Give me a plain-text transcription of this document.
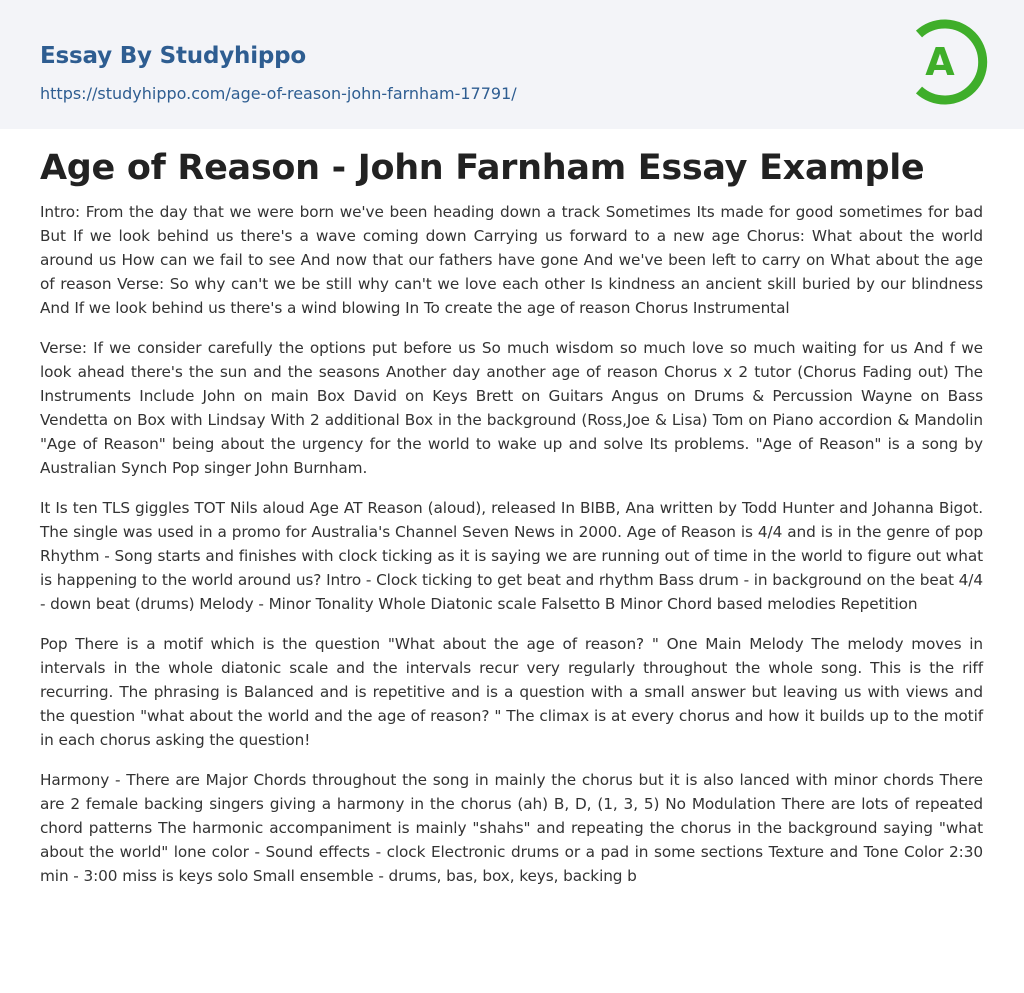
Essay By Studyhippo
https://studyhippo.com/age-of-reason-john-farnham-17791/
A
Age of Reason - John Farnham Essay Example

Intro: From the day that we were born we've been heading down a track Sometimes Its made for good sometimes for bad But If we look behind us there's a wave coming down Carrying us forward to a new age Chorus: What about the world around us How can we fail to see And now that our fathers have gone And we've been left to carry on What about the age of reason Verse: So why can't we be still why can't we love each other Is kindness an ancient skill buried by our blindness And If we look behind us there's a wind blowing In To create the age of reason Chorus Instrumental

Verse: If we consider carefully the options put before us So much wisdom so much love so much waiting for us And f we look ahead there's the sun and the seasons Another day another age of reason Chorus x 2 tutor (Chorus Fading out) The Instruments Include John on main Box David on Keys Brett on Guitars Angus on Drums & Percussion Wayne on Bass Vendetta on Box with Lindsay With 2 additional Box in the background (Ross,Joe & Lisa) Tom on Piano accordion & Mandolin "Age of Reason" being about the urgency for the world to wake up and solve Its problems. "Age of Reason" is a song by Australian Synch Pop singer John Burnham.

It Is ten TLS giggles TOT Nils aloud Age AT Reason (aloud), released In BIBB, Ana written by Todd Hunter and Johanna Bigot. The single was used in a promo for Australia's Channel Seven News in 2000. Age of Reason is 4/4 and is in the genre of pop Rhythm - Song starts and finishes with clock ticking as it is saying we are running out of time in the world to figure out what is happening to the world around us? Intro - Clock ticking to get beat and rhythm Bass drum - in background on the beat 4/4 - down beat (drums) Melody - Minor Tonality Whole Diatonic scale Falsetto B Minor Chord based melodies Repetition

Pop There is a motif which is the question "What about the age of reason? " One Main Melody The melody moves in intervals in the whole diatonic scale and the intervals recur very regularly throughout the whole song. This is the riff recurring. The phrasing is Balanced and is repetitive and is a question with a small answer but leaving us with views and the question "what about the world and the age of reason? " The climax is at every chorus and how it builds up to the motif in each chorus asking the question!

Harmony - There are Major Chords throughout the song in mainly the chorus but it is also lanced with minor chords There are 2 female backing singers giving a harmony in the chorus (ah) B, D, (1, 3, 5) No Modulation There are lots of repeated chord patterns The harmonic accompaniment is mainly "shahs" and repeating the chorus in the background saying "what about the world" lone color - Sound effects - clock Electronic drums or a pad in some sections Texture and Tone Color 2:30 min - 3:00 miss is keys solo Small ensemble - drums, bas, box, keys, backing b
